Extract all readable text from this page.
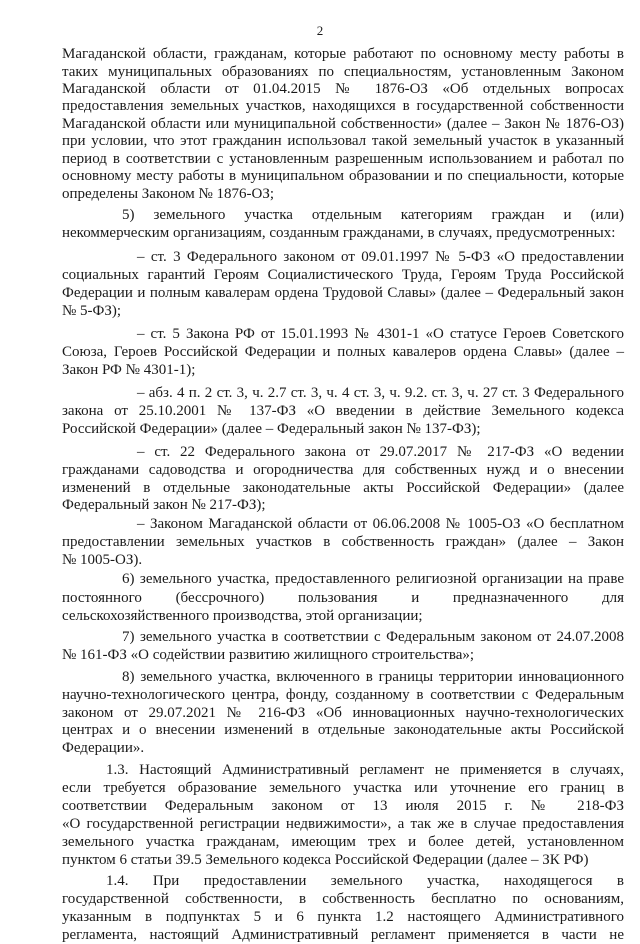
2
Магаданской области, гражданам, которые работают по основному месту работы в
таких муниципальных образованиях по специальностям, установленным Законом
Магаданской области от 01.04.2015 № 1876-ОЗ «Об отдельных вопросах
предоставления земельных участков, находящихся в государственной собственности
Магаданской области или муниципальной собственности» (далее – Закон № 1876-ОЗ)
при условии, что этот гражданин использовал такой земельный участок в указанный
период в соответствии с установленным разрешенным использованием и работал по
основному месту работы в муниципальном образовании и по специальности, которые
определены Законом № 1876-ОЗ;
5) земельного участка отдельным категориям граждан и (или)
некоммерческим организациям, созданным гражданами, в случаях, предусмотренных:
– ст. 3 Федерального законом от 09.01.1997 № 5-ФЗ «О предоставлении
социальных гарантий Героям Социалистического Труда, Героям Труда Российской
Федерации и полным кавалерам ордена Трудовой Славы» (далее – Федеральный закон
№ 5-ФЗ);
– ст. 5 Закона РФ от 15.01.1993 № 4301-1 «О статусе Героев Советского
Союза, Героев Российской Федерации и полных кавалеров ордена Славы» (далее –
Закон РФ № 4301-1);
– абз. 4 п. 2 ст. 3, ч. 2.7 ст. 3, ч. 4 ст. 3, ч. 9.2. ст. 3, ч. 27 ст. 3 Федерального
закона от 25.10.2001 № 137-ФЗ «О введении в действие Земельного кодекса
Российской Федерации» (далее – Федеральный закон № 137-ФЗ);
– ст. 22 Федерального закона от 29.07.2017 № 217-ФЗ «О ведении
гражданами садоводства и огородничества для собственных нужд и о внесении
изменений в отдельные законодательные акты Российской Федерации» (далее
Федеральный закон № 217-ФЗ);
– Законом Магаданской области от 06.06.2008 № 1005-ОЗ «О бесплатном
предоставлении земельных участков в собственность граждан» (далее – Закон
№ 1005-ОЗ).
6) земельного участка, предоставленного религиозной организации на праве
постоянного (бессрочного) пользования и предназначенного для
сельскохозяйственного производства, этой организации;
7) земельного участка в соответствии с Федеральным законом от 24.07.2008
№ 161-ФЗ «О содействии развитию жилищного строительства»;
8) земельного участка, включенного в границы территории инновационного
научно-технологического центра, фонду, созданному в соответствии с Федеральным
законом от 29.07.2021 № 216-ФЗ «Об инновационных научно-технологических
центрах и о внесении изменений в отдельные законодательные акты Российской
Федерации».
1.3. Настоящий Административный регламент не применяется в случаях,
если требуется образование земельного участка или уточнение его границ в
соответствии Федеральным законом от 13 июля 2015 г. № 218-ФЗ
«О государственной регистрации недвижимости», а так же в случае предоставления
земельного участка гражданам, имеющим трех и более детей, установленном
пунктом 6 статьи 39.5 Земельного кодекса Российской Федерации (далее – ЗК РФ)
1.4. При предоставлении земельного участка, находящегося в
государственной собственности, в собственность бесплатно по основаниям,
указанным в подпунктах 5 и 6 пункта 1.2 настоящего Административного
регламента, настоящий Административный регламент применяется в части не
